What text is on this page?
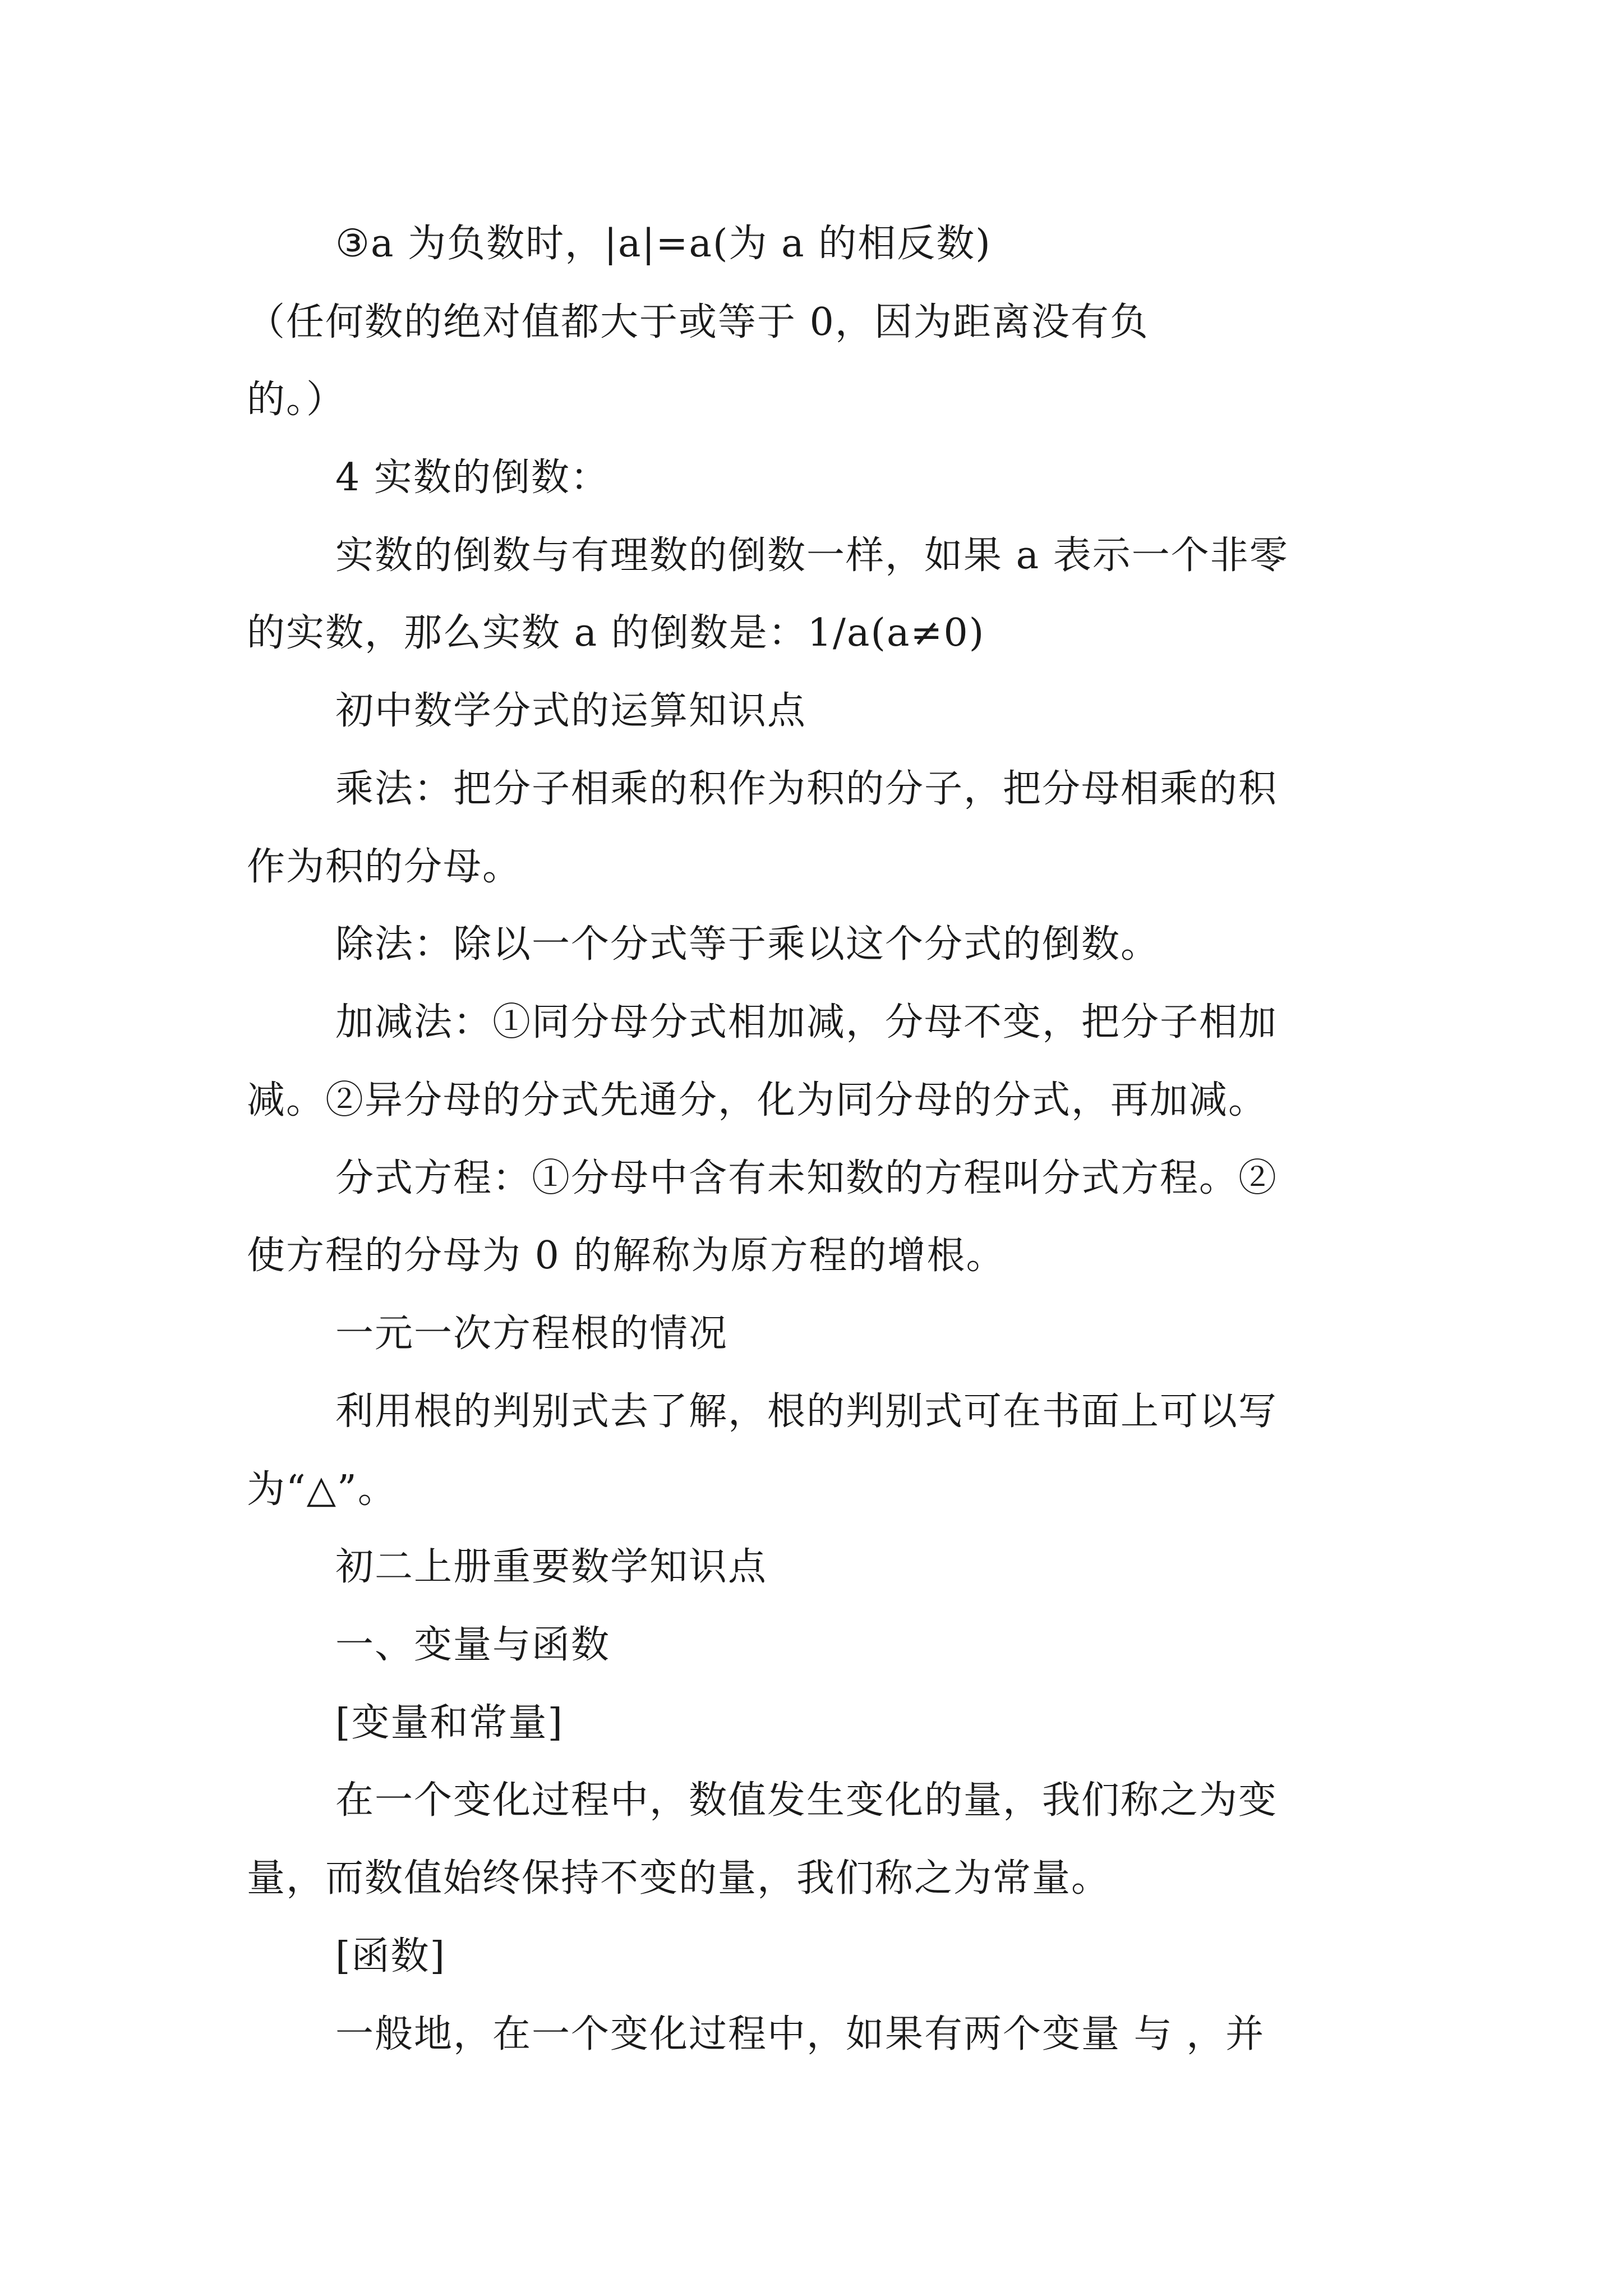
③a 为负数时，|a|=a(为 a 的相反数)
（任何数的绝对值都大于或等于 0，因为距离没有负
的。）
4 实数的倒数：
实数的倒数与有理数的倒数一样，如果 a 表示一个非零
的实数，那么实数 a 的倒数是：1/a(a≠0)
初中数学分式的运算知识点
乘法：把分子相乘的积作为积的分子，把分母相乘的积
作为积的分母。
除法：除以一个分式等于乘以这个分式的倒数。
加减法：①同分母分式相加减，分母不变，把分子相加
减。②异分母的分式先通分，化为同分母的分式，再加减。
分式方程：①分母中含有未知数的方程叫分式方程。②
使方程的分母为 0 的解称为原方程的增根。
一元一次方程根的情况
利用根的判别式去了解，根的判别式可在书面上可以写
为“△”。
初二上册重要数学知识点
一、变量与函数
[变量和常量]
在一个变化过程中，数值发生变化的量，我们称之为变
量，而数值始终保持不变的量，我们称之为常量。
[函数]
一般地，在一个变化过程中，如果有两个变量 与 ，并
